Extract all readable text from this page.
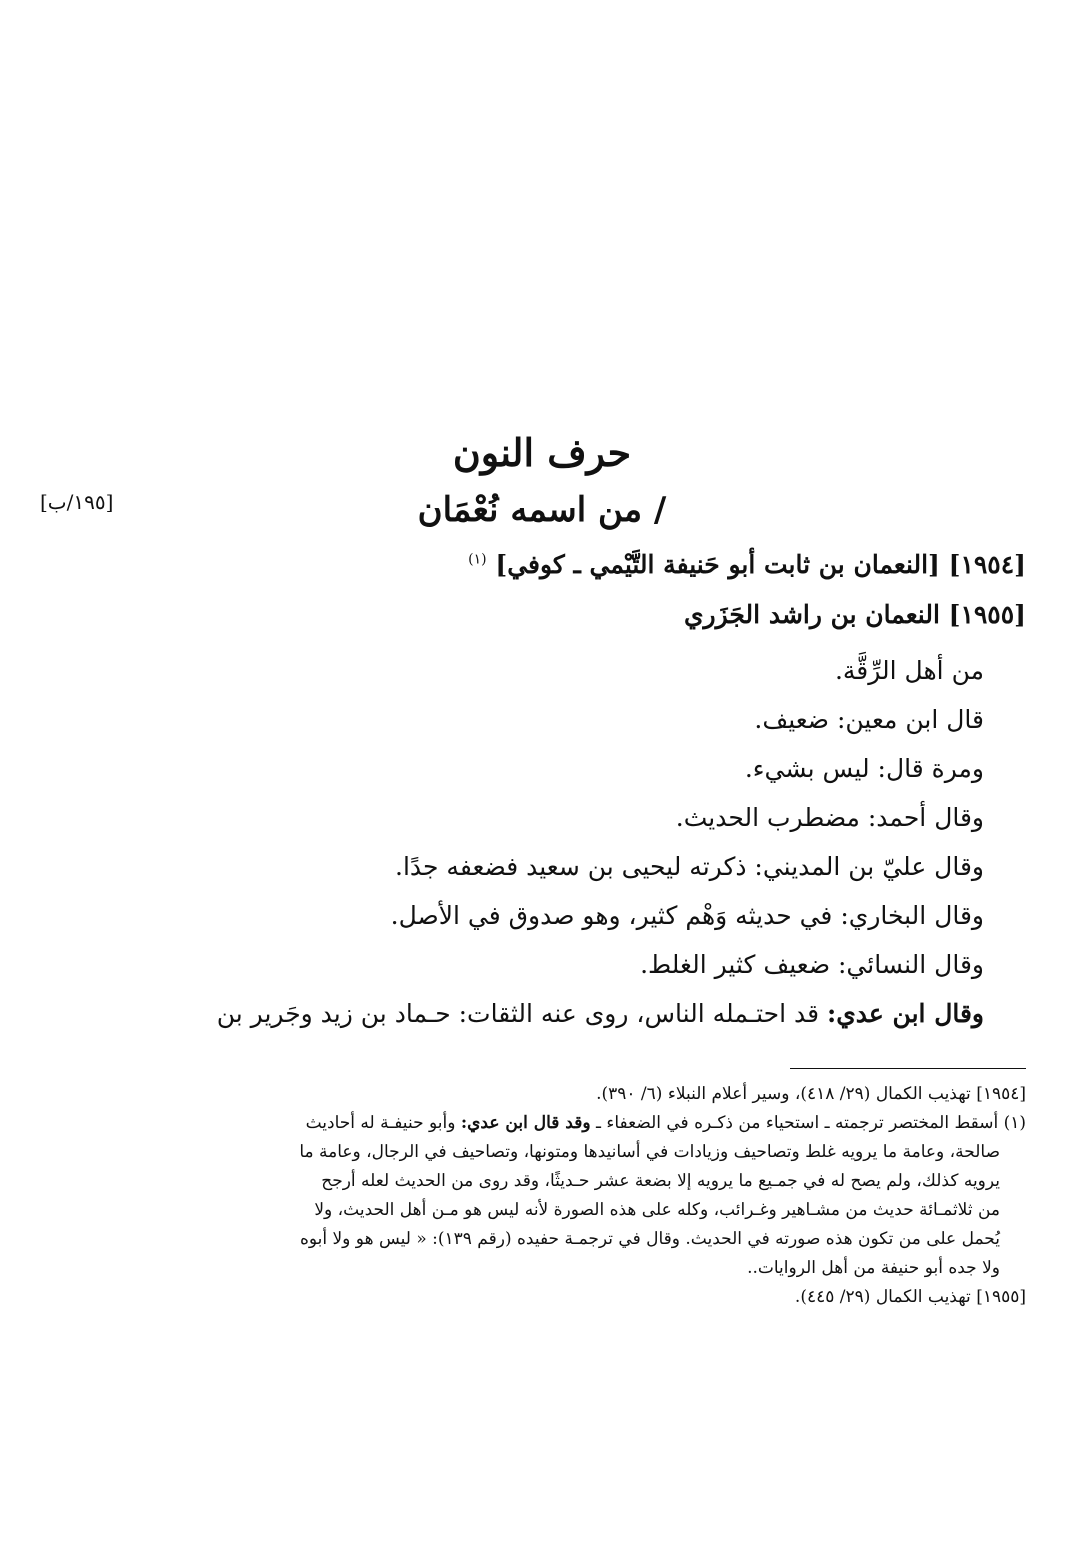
حرف النون
/ من اسمه نُعْمَان
[١٩٥/ب]
[١٩٥٤] [النعمان بن ثابت أبو حَنيفة التَّيْمي ـ كوفي] $^{(١)}$
[١٩٥٥] النعمان بن راشد الجَزَري
من أهل الرِّقَّة.
قال ابن معين: ضعيف.
ومرة قال: ليس بشيء.
وقال أحمد: مضطرب الحديث.
وقال عليّ بن المديني: ذكرته ليحيى بن سعيد فضعفه جدًا.
وقال البخاري: في حديثه وَهْم كثير، وهو صدوق في الأصل.
وقال النسائي: ضعيف كثير الغلط.
وقال ابن عدي: قد احتـمله الناس، روى عنه الثقات: حـماد بن زيد وجَرير بن
[١٩٥٤] تهذيب الكمال (٢٩/ ٤١٨)، وسير أعلام النبلاء (٦/ ٣٩٠).
(١) أسقط المختصر ترجمته ـ استحياء من ذكـره في الضعفاء ـ وقد قال ابن عدي: وأبو حنيفـة له أحاديث
صالحة، وعامة ما يرويه غلط وتصاحيف وزيادات في أسانيدها ومتونها، وتصاحيف في الرجال، وعامة ما
يرويه كذلك، ولم يصح له في جمـيع ما يرويه إلا بضعة عشر حـديثًا، وقد روى من الحديث لعله أرجح
من ثلاثمـائة حديث من مشـاهير وغـرائب، وكله على هذه الصورة لأنه ليس هو مـن أهل الحديث، ولا
يُحمل على من تكون هذه صورته في الحديث. وقال في ترجمـة حفيده (رقم ١٣٩): « ليس هو ولا أبوه
ولا جده أبو حنيفة من أهل الروايات..
[١٩٥٥] تهذيب الكمال (٢٩/ ٤٤٥).
